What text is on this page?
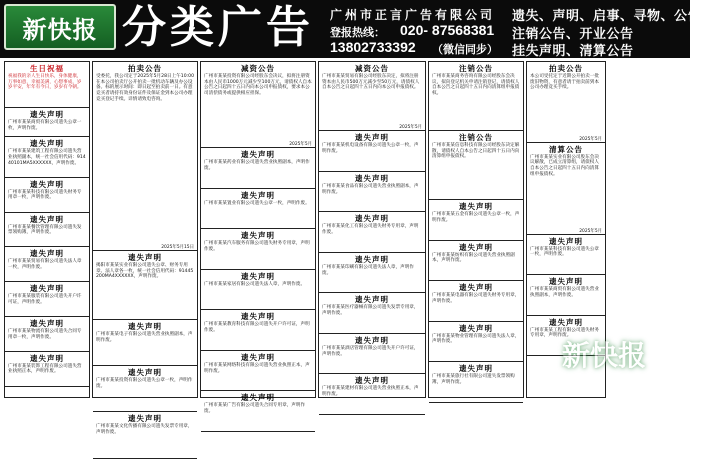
新快报 分类广告 广州市正言广告有限公司
登报热线： 020- 87568381
13802733392 （微信同步）
遗失、声明、启事、寻物、公告
注销公告、开业公告
挂失声明、清算公告
生日祝福
祝福我的亲人生日快乐，身体健康，万事如意，幸福美满，心想事成，岁岁平安，年年有今日，岁岁有今朝。
遗失声明
广州市某某商贸有限公司遗失公章一枚，声明作废。
遗失声明
广州市某某建筑工程有限公司遗失营业执照副本，统一社会信用代码：91440101MA5XXXXXX，声明作废。
遗失声明
广州市某某科技有限公司遗失财务专用章一枚，声明作废。
遗失声明
广州市某某餐饮管理有限公司遗失发票领购簿，声明作废。
遗失声明
广州市某某贸易有限公司遗失法人章一枚，声明作废。
遗失声明
广州市某某服装有限公司遗失开户许可证，声明作废。
遗失声明
广州市某某物流有限公司遗失合同专用章一枚，声明作废。
遗失声明
广州市某某装饰工程有限公司遗失营业执照正本，声明作废。
拍卖公告
受委托，我公司定于2025年5月28日上午10:00在本公司拍卖厅公开拍卖一批机动车辆及办公设备。标的展示时间：即日起至拍卖前一日。有意竞买者请持有效身份证件及保证金到本公司办理竞买登记手续。详情请致电咨询。
2025年5月15日
遗失声明
揭阳市某某实业有限公司遗失公章、财务专用章、法人章各一枚，统一社会信用代码：91445200MA4XXXXXX，声明作废。
遗失声明
广州市某某电子有限公司遗失营业执照副本，声明作废。
遗失声明
广州市某某投资有限公司遗失公章一枚，声明作废。
遗失声明
广州市某某文化传播有限公司遗失发票专用章，声明作废。
减资公告
广州市某某投资有限公司经股东会决议，拟将注册资本由人民币1000万元减少至100万元，请债权人自本公告之日起四十五日内向本公司申报债权，要求本公司清偿债务或提供相应担保。
2025年5月
遗失声明
广州市某某药业有限公司遗失营业执照副本，声明作废。
遗失声明
广州市某某置业有限公司遗失公章一枚，声明作废。
遗失声明
广州市某某汽车服务有限公司遗失财务专用章，声明作废。
遗失声明
广州市某某家居有限公司遗失法人章，声明作废。
遗失声明
广州市某某教育科技有限公司遗失开户许可证，声明作废。
遗失声明
广州市某某网络科技有限公司遗失营业执照正本，声明作废。
遗失声明
广州市某某广告有限公司遗失合同专用章，声明作废。
减资公告
广州市某某贸易有限公司经股东决定，拟将注册资本由人民币500万元减少至50万元，请债权人自本公告之日起四十五日内向本公司申报债权。
2025年5月
遗失声明
广州市某某机电设备有限公司遗失公章一枚，声明作废。
遗失声明
广州市某某食品有限公司遗失营业执照副本，声明作废。
遗失声明
广州市某某化工有限公司遗失财务专用章，声明作废。
遗失声明
广州市某某印刷有限公司遗失法人章，声明作废。
遗失声明
广州市某某医疗器械有限公司遗失发票专用章，声明作废。
遗失声明
广州市某某酒店管理有限公司遗失开户许可证，声明作废。
遗失声明
广州市某某建材有限公司遗失营业执照正本，声明作废。
注销公告
广州市某某商务咨询有限公司经股东会决议，拟向登记机关申请注销登记，请债权人自本公告之日起四十五日内向清算组申报债权。
注销公告
广州市某某信息科技有限公司经股东决定解散，请债权人自本公告之日起四十五日内向清算组申报债权。
遗失声明
广州市某某五金有限公司遗失公章一枚，声明作废。
遗失声明
广州市某某纺织有限公司遗失营业执照副本，声明作废。
遗失声明
广州市某某电器有限公司遗失财务专用章，声明作废。
遗失声明
广州市某某物业管理有限公司遗失法人章，声明作废。
遗失声明
广州市某某旅行社有限公司遗失发票领购簿，声明作废。
拍卖公告
本公司受托定于近期公开拍卖一批废旧物资，有意者请于拍卖前到本公司办理竞买手续。
2025年5月
清算公告
广州市某某实业有限公司股东会决议解散，已成立清算组，请债权人自本公告之日起四十五日内向清算组申报债权。
2025年5月
遗失声明
广州市某某科技有限公司遗失公章一枚，声明作废。
遗失声明
广州市某某商贸有限公司遗失营业执照副本，声明作废。
遗失声明
广州市某某工程有限公司遗失财务专用章，声明作废。
新快报
